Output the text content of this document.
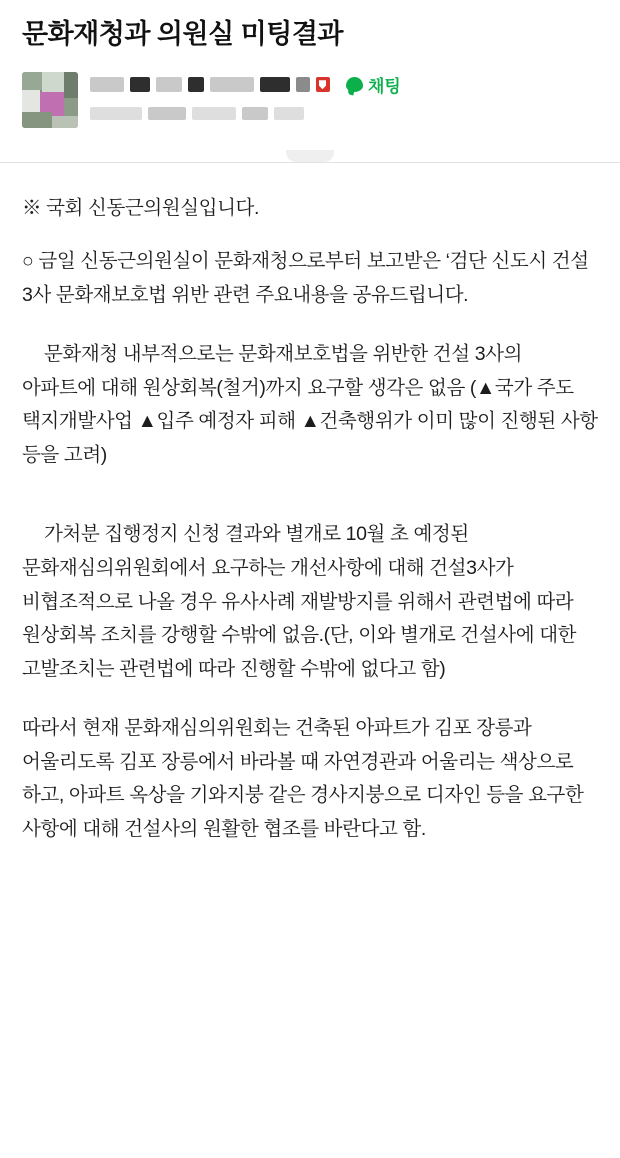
문화재청과 의원실 미팅결과
채팅

※ 국회 신동근의원실입니다.

○ 금일 신동근의원실이 문화재청으로부터 보고받은 ‘검단 신도시 건설 3사 문화재보호법 위반 관련 주요내용을 공유드립니다.

문화재청 내부적으로는 문화재보호법을 위반한 건설 3사의 아파트에 대해 원상회복(철거)까지 요구할 생각은 없음 (▲국가 주도 택지개발사업 ▲입주 예정자 피해 ▲건축행위가 이미 많이 진행된 사항 등을 고려)

가처분 집행정지 신청 결과와 별개로 10월 초 예정된 문화재심의위원회에서 요구하는 개선사항에 대해 건설3사가 비협조적으로 나올 경우 유사사례 재발방지를 위해서 관련법에 따라 원상회복 조치를 강행할 수밖에 없음.(단, 이와 별개로 건설사에 대한 고발조치는 관련법에 따라 진행할 수밖에 없다고 함)

따라서 현재 문화재심의위원회는 건축된 아파트가 김포 장릉과 어울리도록 김포 장릉에서 바라볼 때 자연경관과 어울리는 색상으로 하고, 아파트 옥상을 기와지붕 같은 경사지붕으로 디자인 등을 요구한 사항에 대해 건설사의 원활한 협조를 바란다고 함.
